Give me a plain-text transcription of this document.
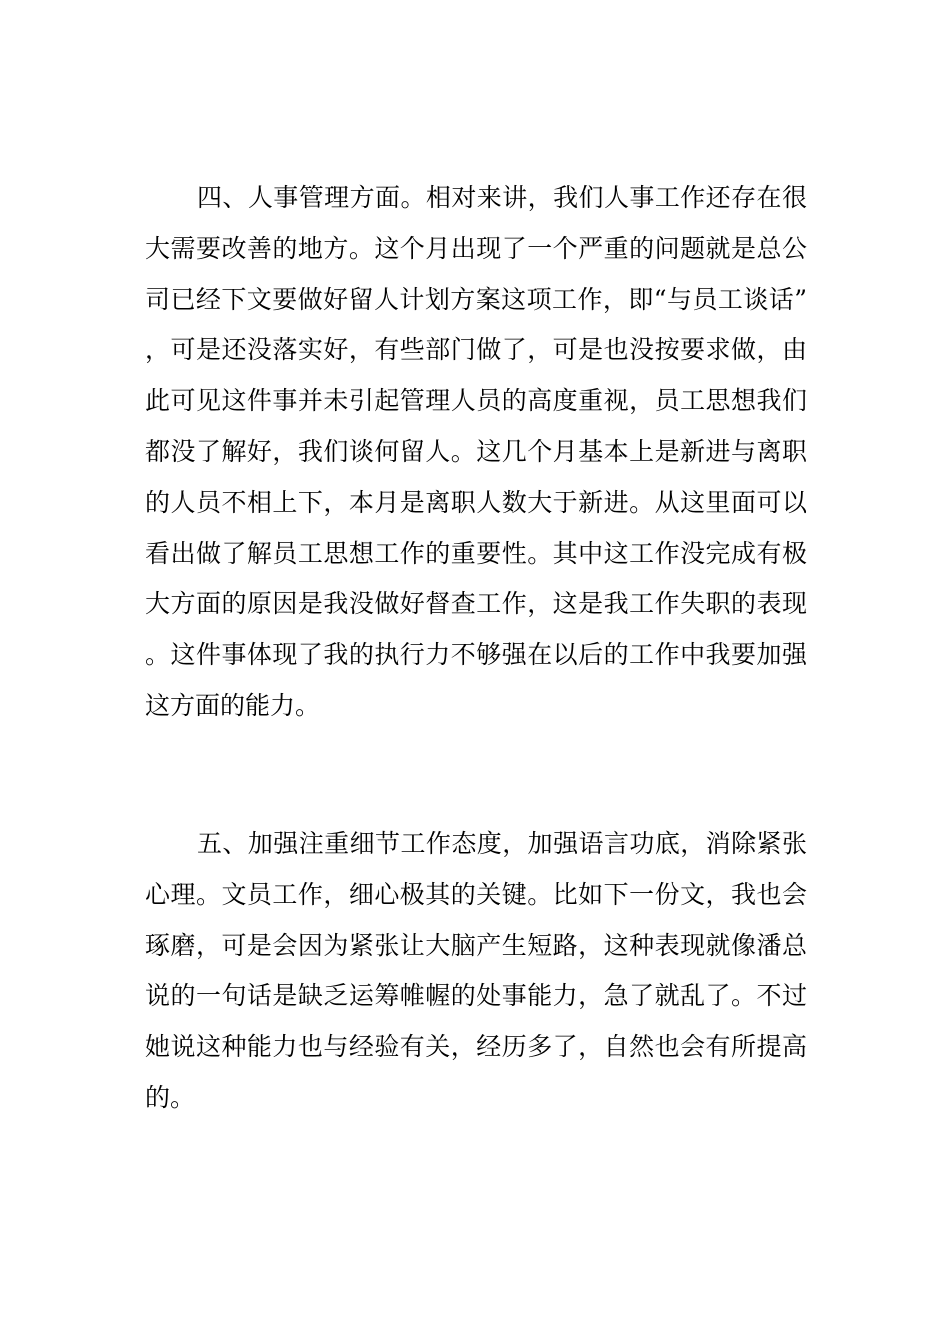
四、人事管理方面。相对来讲，我们人事工作还存在很大需要改善的地方。这个月出现了一个严重的问题就是总公司已经下文要做好留人计划方案这项工作，即“与员工谈话”，可是还没落实好，有些部门做了，可是也没按要求做，由此可见这件事并未引起管理人员的高度重视，员工思想我们都没了解好，我们谈何留人。这几个月基本上是新进与离职的人员不相上下，本月是离职人数大于新进。从这里面可以看出做了解员工思想工作的重要性。其中这工作没完成有极大方面的原因是我没做好督查工作，这是我工作失职的表现。这件事体现了我的执行力不够强在以后的工作中我要加强这方面的能力。

五、加强注重细节工作态度，加强语言功底，消除紧张心理。文员工作，细心极其的关键。比如下一份文，我也会琢磨，可是会因为紧张让大脑产生短路，这种表现就像潘总说的一句话是缺乏运筹帷幄的处事能力，急了就乱了。不过她说这种能力也与经验有关，经历多了，自然也会有所提高的。
